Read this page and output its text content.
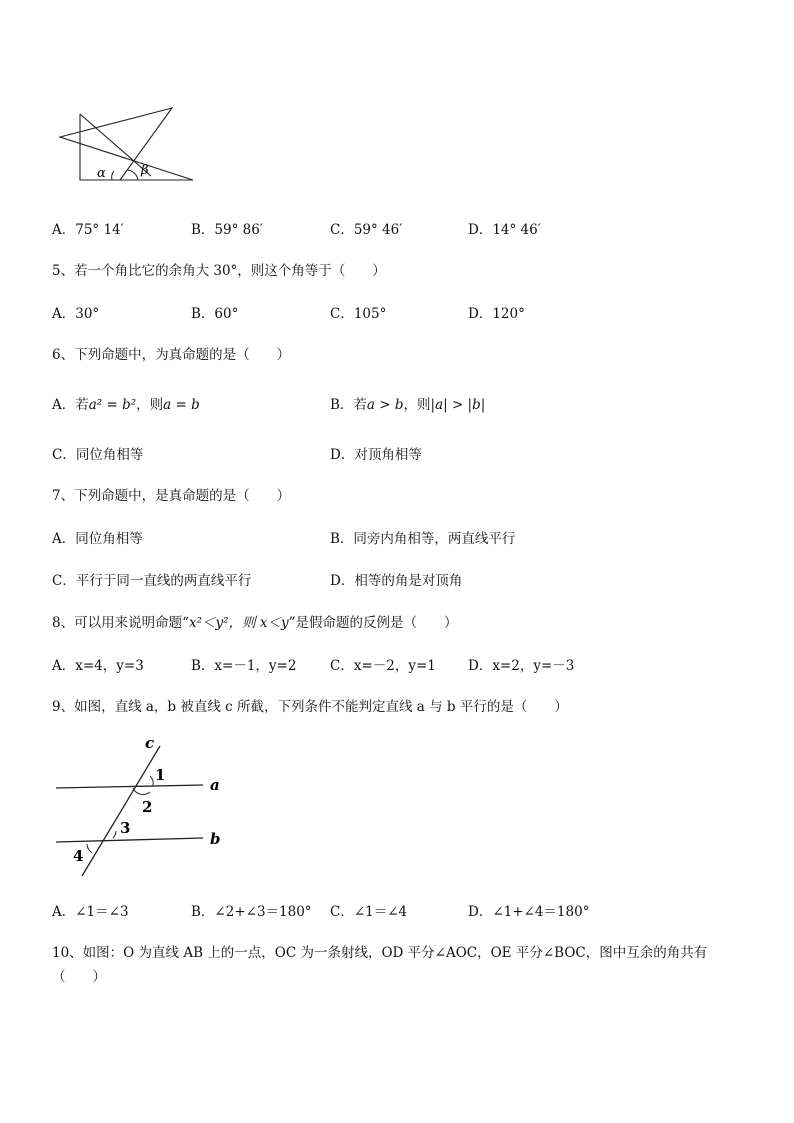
α	β
A．75° 14′	B．59° 86′	C．59° 46′	D．14° 46′
5、若一个角比它的余角大 30°，则这个角等于（　　）
A．30°	B．60°	C．105°	D．120°
6、下列命题中，为真命题的是（　　）
A．若a² = b²，则a = b	B．若a > b，则|a| > |b|
C．同位角相等	D．对顶角相等
7、下列命题中，是真命题的是（　　）
A．同位角相等	B．同旁内角相等，两直线平行
C．平行于同一直线的两直线平行	D．相等的角是对顶角
8、可以用来说明命题“x²＜y²，则 x＜y”是假命题的反例是（　　）
A．x=4，y=3	B．x=－1，y=2 C．x=－2，y=1 D．x=2，y=－3
9、如图，直线 a，b 被直线 c 所截，下列条件不能判定直线 a 与 b 平行的是（　　）
c
a
b
1
2
3
4
A．∠1＝∠3	B．∠2+∠3＝180° C．∠1＝∠4	D．∠1+∠4＝180°
10、如图：O 为直线 AB 上的一点，OC 为一条射线，OD 平分∠AOC，OE 平分∠BOC，图中互余的角共有
（　　）
